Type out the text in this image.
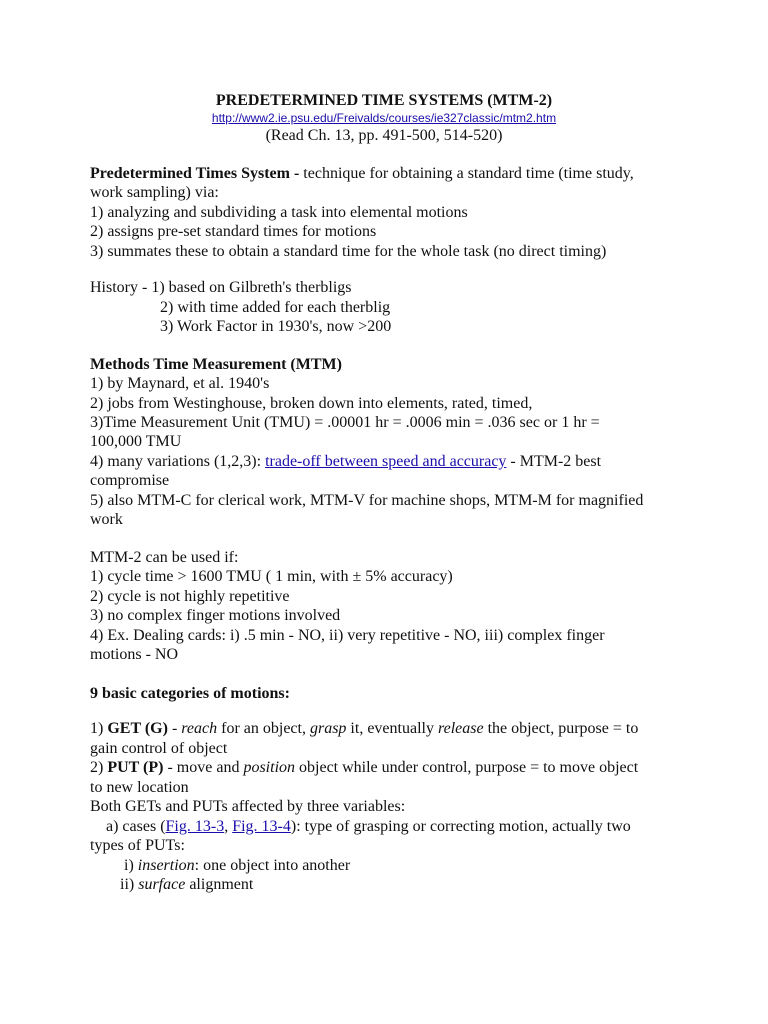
PREDETERMINED TIME SYSTEMS (MTM-2)

http://www2.ie.psu.edu/Freivalds/courses/ie327classic/mtm2.htm

(Read Ch. 13, pp. 491-500, 514-520)

Predetermined Times System - technique for obtaining a standard time (time study,

work sampling) via:

1) analyzing and subdividing a task into elemental motions

2) assigns pre-set standard times for motions

3) summates these to obtain a standard time for the whole task (no direct timing)

History - 1) based on Gilbreth's therbligs

2) with time added for each therblig

3) Work Factor in 1930's, now >200

Methods Time Measurement (MTM)

1) by Maynard, et al. 1940's

2) jobs from Westinghouse, broken down into elements, rated, timed,

3)Time Measurement Unit (TMU) = .00001 hr = .0006 min = .036 sec or 1 hr =

100,000 TMU

4) many variations (1,2,3): trade-off between speed and accuracy - MTM-2 best

compromise

5) also MTM-C for clerical work, MTM-V for machine shops, MTM-M for magnified

work

MTM-2 can be used if:

1) cycle time > 1600 TMU ( 1 min, with ± 5% accuracy)

2) cycle is not highly repetitive

3) no complex finger motions involved

4) Ex. Dealing cards: i) .5 min - NO, ii) very repetitive - NO, iii) complex finger

motions - NO

9 basic categories of motions:

1) GET (G) - reach for an object, grasp it, eventually release the object, purpose = to

gain control of object

2) PUT (P) - move and position object while under control, purpose = to move object

to new location

Both GETs and PUTs affected by three variables:

a) cases (Fig. 13-3, Fig. 13-4): type of grasping or correcting motion, actually two

types of PUTs:

i) insertion: one object into another

ii) surface alignment
